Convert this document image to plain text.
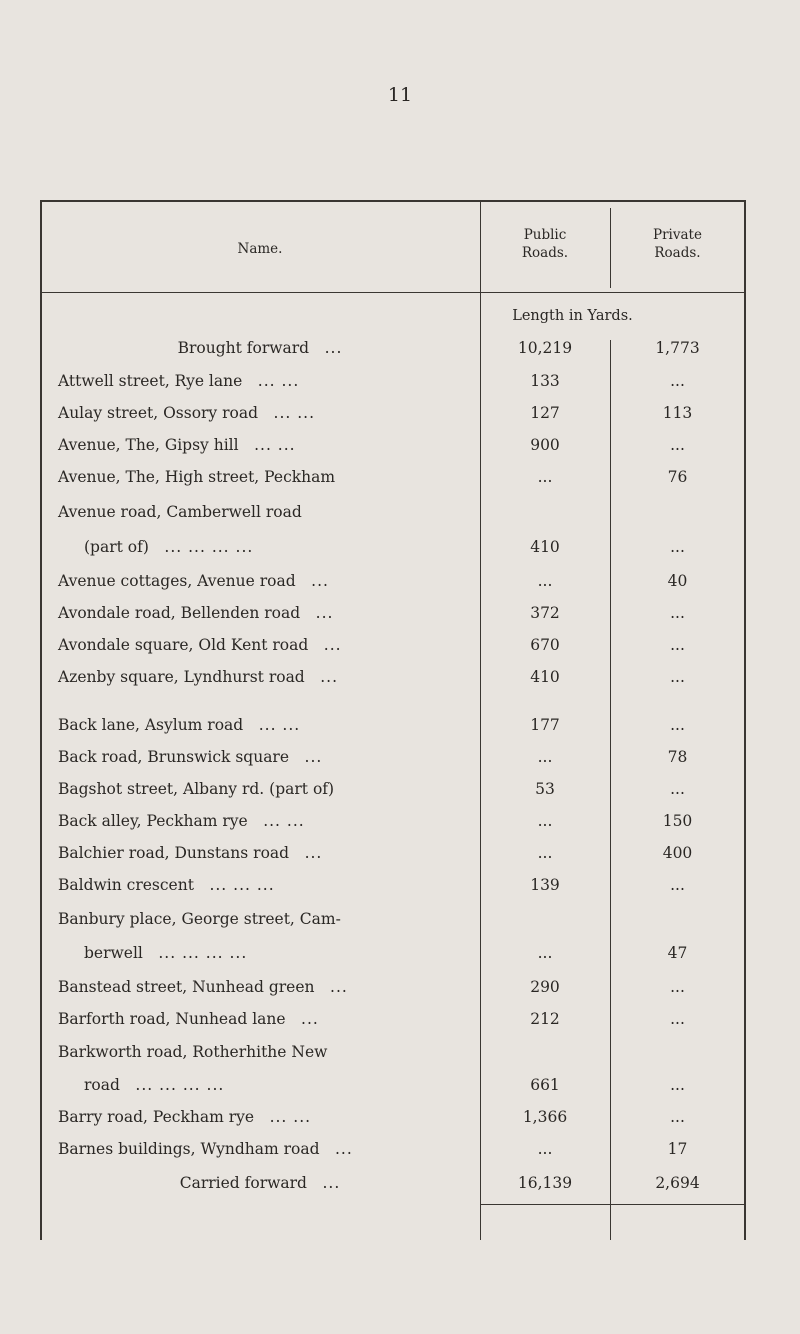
11
Name.
Public
Roads.
Private
Roads.
Length in Yards.
Brought forward  ...	10,219	1,773
Attwell street, Rye lane  ... ...	133	...
Aulay street, Ossory road  ... ...	127	113
Avenue, The, Gipsy hill  ... ...	900	...
Avenue, The, High street, Peckham	...	76
Avenue road, Camberwell road
(part of)  ... ... ... ...	410	...
Avenue cottages, Avenue road  ...	...	40
Avondale road, Bellenden road  ...	372	...
Avondale square, Old Kent road  ...	670	...
Azenby square, Lyndhurst road  ...	410	...
Back lane, Asylum road  ... ...	177	...
Back road, Brunswick square  ...	...	78
Bagshot street, Albany rd. (part of)	53	...
Back alley, Peckham rye  ... ...	...	150
Balchier road, Dunstans road  ...	...	400
Baldwin crescent  ... ... ...	139	...
Banbury place, George street, Cam-
berwell  ... ... ... ...	...	47
Banstead street, Nunhead green  ...	290	...
Barforth road, Nunhead lane  ...	212	...
Barkworth road, Rotherhithe New
road  ... ... ... ...	661	...
Barry road, Peckham rye  ... ...	1,366	...
Barnes buildings, Wyndham road  ...	...	17
Carried forward  ...	16,139	2,694
